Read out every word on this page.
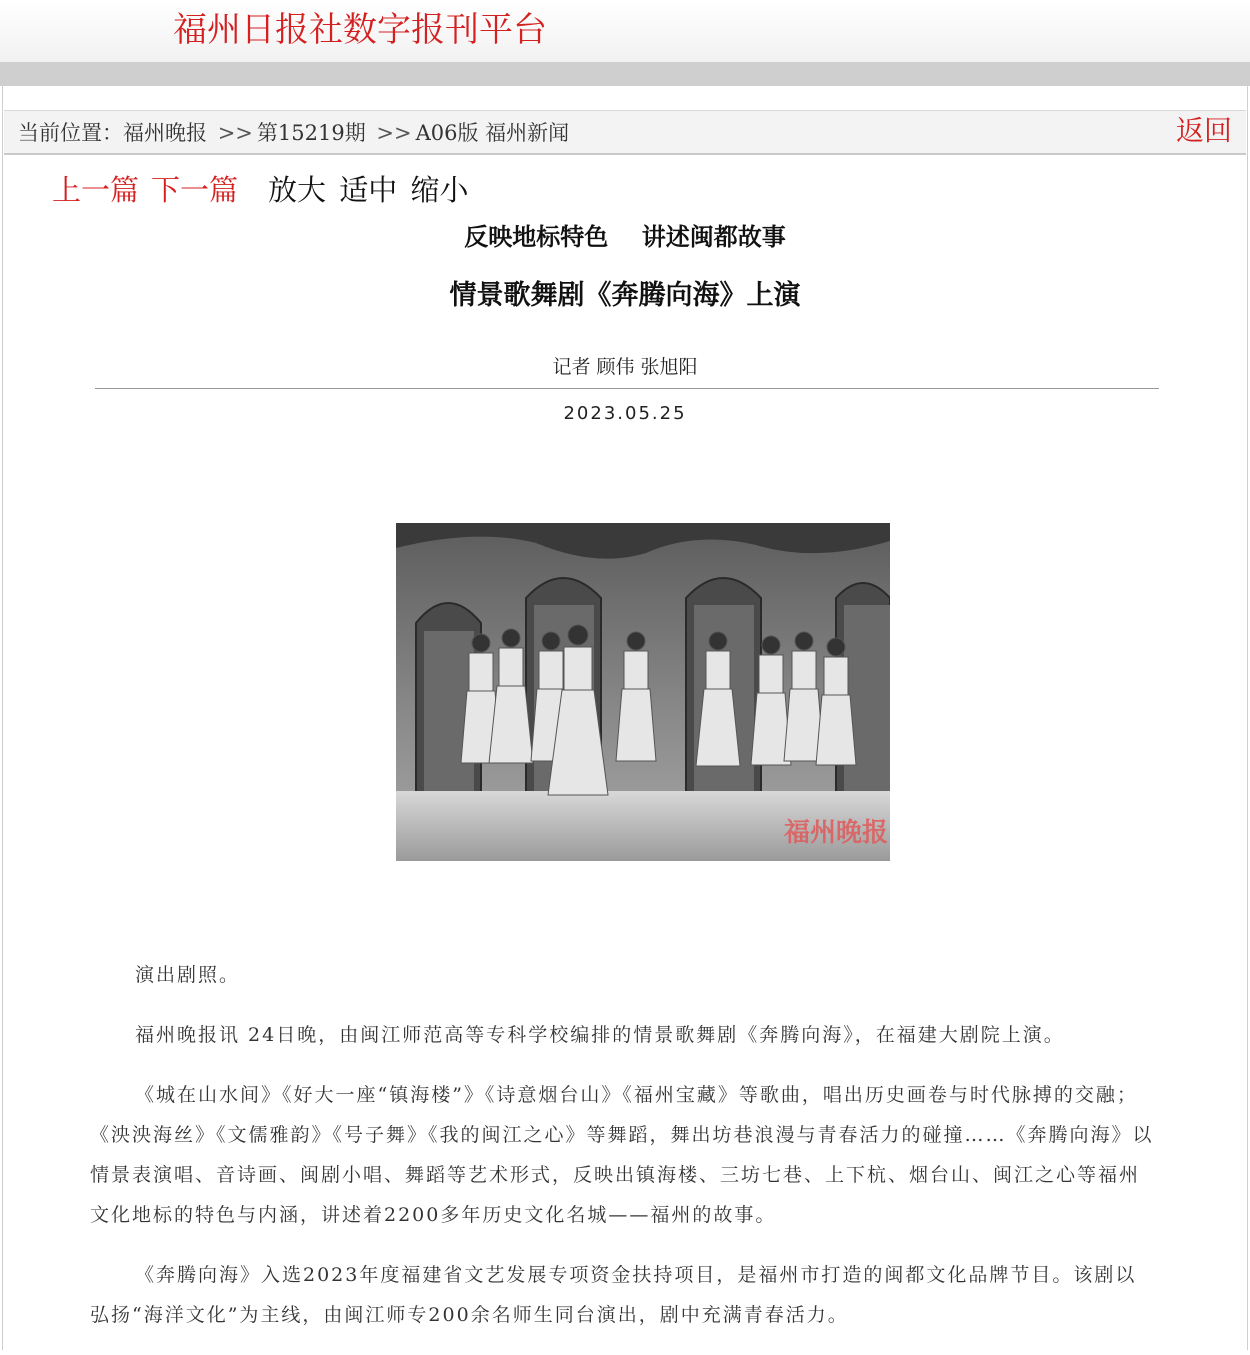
福州日报社数字报刊平台
当前位置：福州晚报 >> 第15219期 >> A06版 福州新闻	返回
上一篇 下一篇 放大 适中 缩小
反映地标特色    讲述闽都故事
情景歌舞剧《奔腾向海》上演
记者 顾伟 张旭阳
2023.05.25
福州晚报

演出剧照。

福州晚报讯 24日晚，由闽江师范高等专科学校编排的情景歌舞剧《奔腾向海》，在福建大剧院上演。

《城在山水间》《好大一座“镇海楼”》《诗意烟台山》《福州宝藏》等歌曲，唱出历史画卷与时代脉搏的交融；《泱泱海丝》《文儒雅韵》《号子舞》《我的闽江之心》等舞蹈，舞出坊巷浪漫与青春活力的碰撞……《奔腾向海》以情景表演唱、音诗画、闽剧小唱、舞蹈等艺术形式，反映出镇海楼、三坊七巷、上下杭、烟台山、闽江之心等福州文化地标的特色与内涵，讲述着2200多年历史文化名城——福州的故事。

《奔腾向海》入选2023年度福建省文艺发展专项资金扶持项目，是福州市打造的闽都文化品牌节目。该剧以弘扬“海洋文化”为主线，由闽江师专200余名师生同台演出，剧中充满青春活力。
